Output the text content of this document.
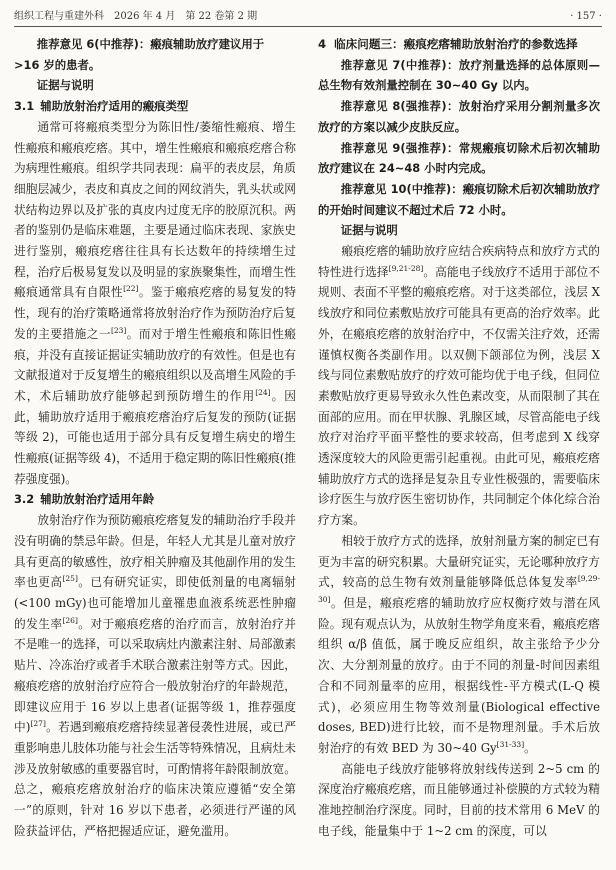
组织工程与重建外科　2026 年 4 月　第 22 卷第 2 期	· 157 ·
推荐意见 6(中推荐)：瘢痕辅助放疗建议用于
>16 岁的患者。
证据与说明
3.1 辅助放射治疗适用的瘢痕类型
通常可将瘢痕类型分为陈旧性/萎缩性瘢痕、增生性瘢痕和瘢痕疙瘩。其中，增生性瘢痕和瘢痕疙瘩合称为病理性瘢痕。组织学共同表现：扁平的表皮层，角质细胞层减少，表皮和真皮之间的网纹消失，乳头状或网状结构边界以及扩张的真皮内过度无序的胶原沉积。两者的鉴别仍是临床难题，主要是通过临床表现、家族史进行鉴别，瘢痕疙瘩往往具有长达数年的持续增生过程，治疗后极易复发以及明显的家族聚集性，而增生性瘢痕通常具有自限性[22]。鉴于瘢痕疙瘩的易复发的特性，现有的治疗策略通常将放射治疗作为预防治疗后复发的主要措施之一[23]。而对于增生性瘢痕和陈旧性瘢痕，并没有直接证据证实辅助放疗的有效性。但是也有文献报道对于反复增生的瘢痕组织以及高增生风险的手术，术后辅助放疗能够起到预防增生的作用[24]。因此，辅助放疗适用于瘢痕疙瘩治疗后复发的预防(证据等级 2)，可能也适用于部分具有反复增生病史的增生性瘢痕(证据等级 4)，不适用于稳定期的陈旧性瘢痕(推荐强度强)。
3.2 辅助放射治疗适用年龄
放射治疗作为预防瘢痕疙瘩复发的辅助治疗手段并没有明确的禁忌年龄。但是，年轻人尤其是儿童对放疗具有更高的敏感性，放疗相关肿瘤及其他副作用的发生率也更高[25]。已有研究证实，即使低剂量的电离辐射(<100 mGy)也可能增加儿童罹患血液系统恶性肿瘤的发生率[26]。对于瘢痕疙瘩的治疗而言，放射治疗并不是唯一的选择，可以采取病灶内激素注射、局部激素贴片、冷冻治疗或者手术联合激素注射等方式。因此，瘢痕疙瘩的放射治疗应符合一般放射治疗的年龄规范，即建议应用于 16 岁以上患者(证据等级 1，推荐强度中)[27]。若遇到瘢痕疙瘩持续显著侵袭性进展，或已严重影响患儿肢体功能与社会生活等特殊情况，且病灶未涉及放射敏感的重要器官时，可酌情将年龄限制放宽。总之，瘢痕疙瘩放射治疗的临床决策应遵循“安全第一”的原则，针对 16 岁以下患者，必须进行严谨的风险获益评估，严格把握适应证，避免滥用。
4 临床问题三：瘢痕疙瘩辅助放射治疗的参数选择
推荐意见 7(中推荐)：放疗剂量选择的总体原则—总生物有效剂量控制在 30~40 Gy 以内。
推荐意见 8(强推荐)：放射治疗采用分割剂量多次放疗的方案以减少皮肤反应。
推荐意见 9(强推荐)：常规瘢痕切除术后初次辅助放疗建议在 24~48 小时内完成。
推荐意见 10(中推荐)：瘢痕切除术后初次辅助放疗的开始时间建议不超过术后 72 小时。
证据与说明
瘢痕疙瘩的辅助放疗应结合疾病特点和放疗方式的特性进行选择[9,21-28]。高能电子线放疗不适用于部位不规则、表面不平整的瘢痕疙瘩。对于这类部位，浅层 X 线放疗和同位素敷贴放疗可能具有更高的治疗效率。此外，在瘢痕疙瘩的放射治疗中，不仅需关注疗效，还需谨慎权衡各类副作用。以双侧下颌部位为例，浅层 X 线与同位素敷贴放疗的疗效可能均优于电子线，但同位素敷贴放疗更易导致永久性色素改变，从而限制了其在面部的应用。而在甲状腺、乳腺区域，尽管高能电子线放疗对治疗平面平整性的要求较高，但考虑到 X 线穿透深度较大的风险更需引起重视。由此可见，瘢痕疙瘩辅助放疗方式的选择是复杂且专业性极强的，需要临床诊疗医生与放疗医生密切协作，共同制定个体化综合治疗方案。
相较于放疗方式的选择，放射剂量方案的制定已有更为丰富的研究积累。大量研究证实，无论哪种放疗方式，较高的总生物有效剂量能够降低总体复发率[9,29-30]。但是，瘢痕疙瘩的辅助放疗应权衡疗效与潜在风险。现有观点认为，从放射生物学角度来看，瘢痕疙瘩组织 α/β 值低，属于晚反应组织，故主张给予少分次、大分割剂量的放疗。由于不同的剂量-时间因素组合和不同剂量率的应用，根据线性-平方模式(L-Q 模式)，必须应用生物等效剂量(Biological effective doses, BED)进行比较，而不是物理剂量。手术后放射治疗的有效 BED 为 30~40 Gy[31-33]。
高能电子线放疗能够将放射线传送到 2~5 cm 的深度治疗瘢痕疙瘩，而且能够通过补偿膜的方式较为精准地控制治疗深度。同时，目前的技术常用 6 MeV 的电子线，能量集中于 1~2 cm 的深度，可以
